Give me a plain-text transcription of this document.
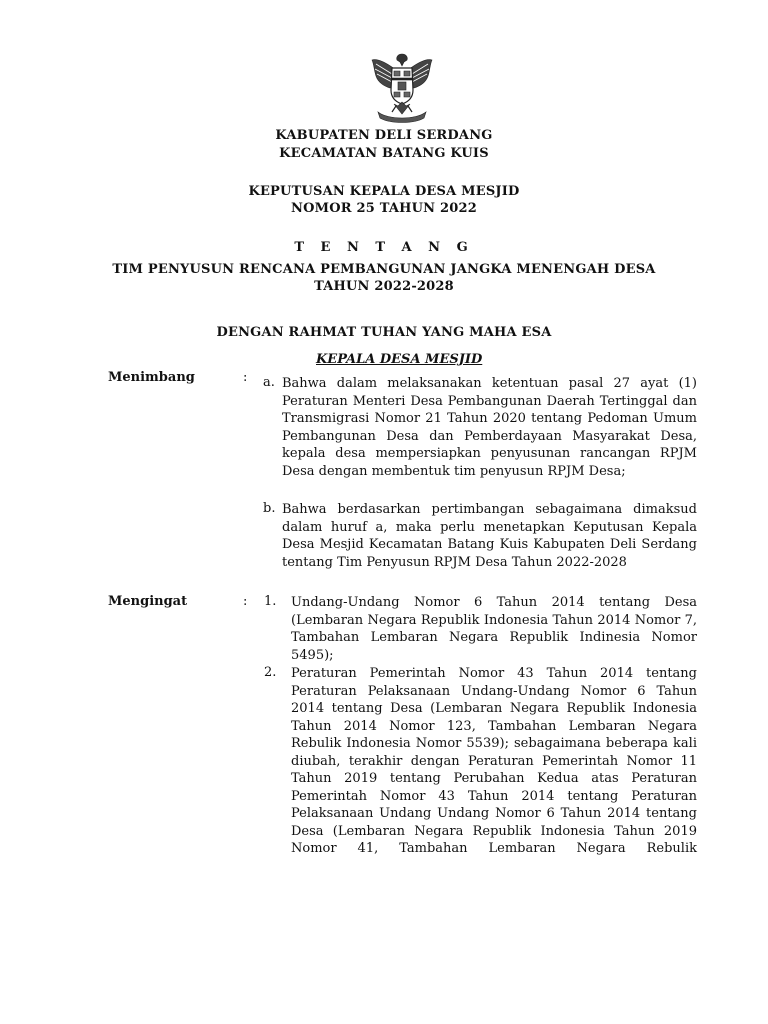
KABUPATEN DELI SERDANG
KECAMATAN BATANG KUIS
KEPUTUSAN KEPALA DESA MESJID
NOMOR 25 TAHUN 2022
T E N T A N G
TIM PENYUSUN RENCANA PEMBANGUNAN JANGKA MENENGAH DESA
TAHUN 2022-2028
DENGAN RAHMAT TUHAN YANG MAHA ESA
KEPALA DESA MESJID
Menimbang	: a. Bahwa dalam melaksanakan ketentuan pasal 27 ayat (1) Peraturan Menteri Desa Pembangunan Daerah Tertinggal dan Transmigrasi Nomor 21 Tahun 2020 tentang Pedoman Umum Pembangunan Desa dan Pemberdayaan Masyarakat Desa, kepala desa mempersiapkan penyusunan rancangan RPJM Desa dengan membentuk tim penyusun RPJM Desa;
b. Bahwa berdasarkan pertimbangan sebagaimana dimaksud dalam huruf a, maka perlu menetapkan Keputusan Kepala Desa Mesjid Kecamatan Batang Kuis Kabupaten Deli Serdang tentang Tim Penyusun RPJM Desa Tahun 2022-2028
Mengingat	: 1. Undang-Undang Nomor 6 Tahun 2014 tentang Desa (Lembaran Negara Republik Indonesia Tahun 2014 Nomor 7, Tambahan Lembaran Negara Republik Indinesia Nomor 5495);
2. Peraturan Pemerintah Nomor 43 Tahun 2014 tentang Peraturan Pelaksanaan Undang-Undang Nomor 6 Tahun 2014 tentang Desa (Lembaran Negara Republik Indonesia Tahun 2014 Nomor 123, Tambahan Lembaran Negara Rebulik Indonesia Nomor 5539); sebagaimana beberapa kali diubah, terakhir dengan Peraturan Pemerintah Nomor 11 Tahun 2019 tentang Perubahan Kedua atas Peraturan Pemerintah Nomor 43 Tahun 2014 tentang Peraturan Pelaksanaan Undang Undang Nomor 6 Tahun 2014 tentang Desa (Lembaran Negara Republik Indonesia Tahun 2019 Nomor 41, Tambahan Lembaran Negara Rebulik
